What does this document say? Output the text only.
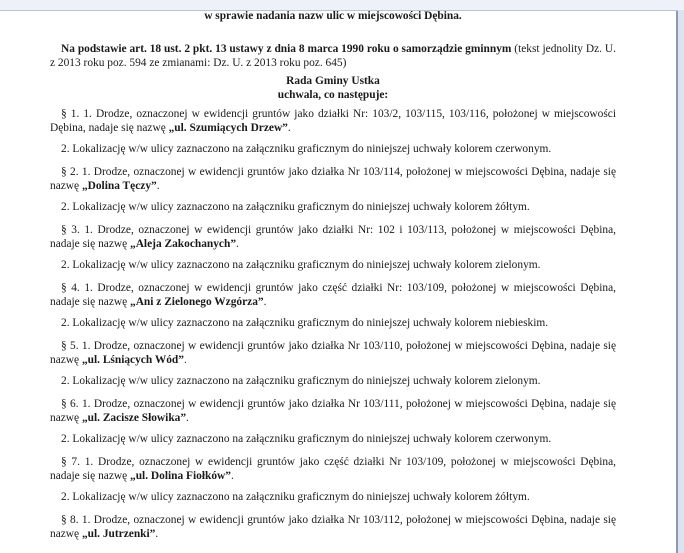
w sprawie nadania nazw ulic w miejscowości Dębina.

Na podstawie art. 18 ust. 2 pkt. 13 ustawy z dnia 8 marca 1990 roku o samorządzie gminnym (tekst jednolity Dz. U. z 2013 roku poz. 594 ze zmianami: Dz. U. z 2013 roku poz. 645)

Rada Gminy Ustka

uchwala, co następuje:

§ 1. 1. Drodze, oznaczonej w ewidencji gruntów jako działki Nr: 103/2, 103/115, 103/116, położonej w miejscowości Dębina, nadaje się nazwę „ul. Szumiących Drzew”.

2. Lokalizację w/w ulicy zaznaczono na załączniku graficznym do niniejszej uchwały kolorem czerwonym.

§ 2. 1. Drodze, oznaczonej w ewidencji gruntów jako działka Nr 103/114, położonej w miejscowości Dębina, nadaje się nazwę „Dolina Tęczy”.

2. Lokalizację w/w ulicy zaznaczono na załączniku graficznym do niniejszej uchwały kolorem żółtym.

§ 3. 1. Drodze, oznaczonej w ewidencji gruntów jako działki Nr: 102 i 103/113, położonej w miejscowości Dębina, nadaje się nazwę „Aleja Zakochanych”.

2. Lokalizację w/w ulicy zaznaczono na załączniku graficznym do niniejszej uchwały kolorem zielonym.

§ 4. 1. Drodze, oznaczonej w ewidencji gruntów jako część działki Nr: 103/109, położonej w miejscowości Dębina, nadaje się nazwę „Ani z Zielonego Wzgórza”.

2. Lokalizację w/w ulicy zaznaczono na załączniku graficznym do niniejszej uchwały kolorem niebieskim.

§ 5. 1. Drodze, oznaczonej w ewidencji gruntów jako działka Nr 103/110, położonej w miejscowości Dębina, nadaje się nazwę „ul. Lśniących Wód”.

2. Lokalizację w/w ulicy zaznaczono na załączniku graficznym do niniejszej uchwały kolorem zielonym.

§ 6. 1. Drodze, oznaczonej w ewidencji gruntów jako działka Nr 103/111, położonej w miejscowości Dębina, nadaje się nazwę „ul. Zacisze Słowika”.

2. Lokalizację w/w ulicy zaznaczono na załączniku graficznym do niniejszej uchwały kolorem czerwonym.

§ 7. 1. Drodze, oznaczonej w ewidencji gruntów jako część działki Nr 103/109, położonej w miejscowości Dębina, nadaje się nazwę „ul. Dolina Fiołków”.

2. Lokalizację w/w ulicy zaznaczono na załączniku graficznym do niniejszej uchwały kolorem żółtym.

§ 8. 1. Drodze, oznaczonej w ewidencji gruntów jako działka Nr 103/112, położonej w miejscowości Dębina, nadaje się nazwę „ul. Jutrzenki”.
